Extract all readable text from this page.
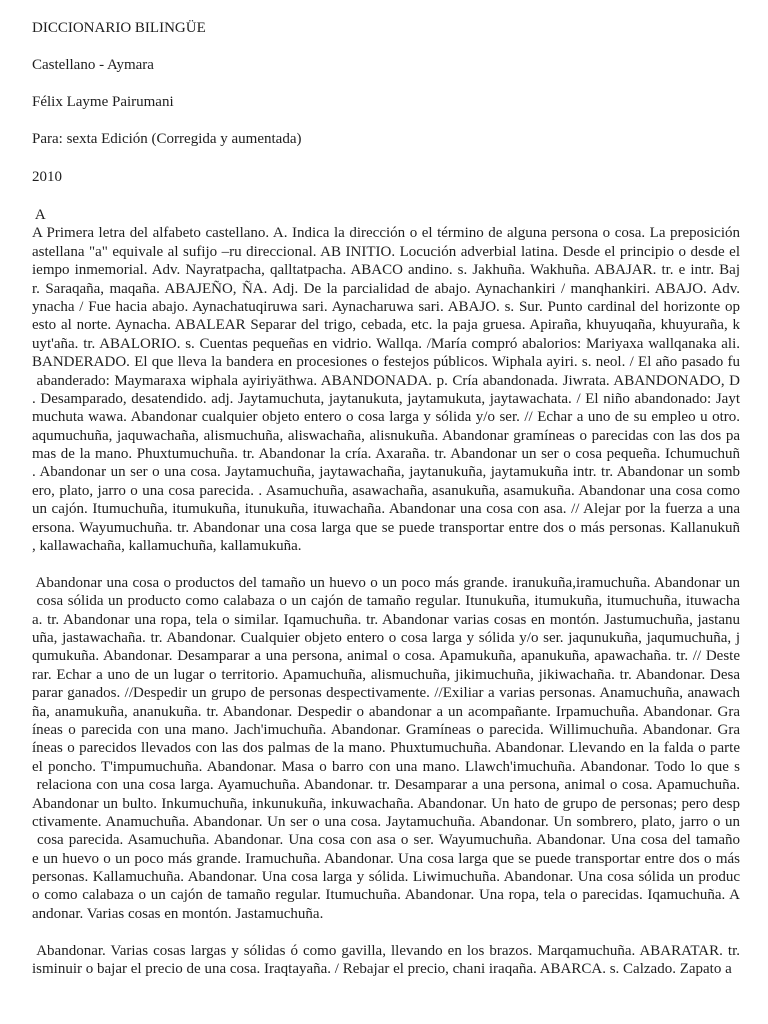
DICCIONARIO BILINGÜE
Castellano - Aymara
Félix Layme Pairumani
Para: sexta Edición (Corregida y aumentada)
2010
A
A Primera letra del alfabeto castellano. A. Indica la dirección o el término de alguna persona o cosa. La preposición
astellana "a" equivale al sufijo –ru direccional. AB INITIO. Locución adverbial latina. Desde el principio o desde el
iempo inmemorial. Adv. Nayratpacha, qalltatpacha. ABACO andino. s. Jakhuña. Wakhuña. ABAJAR. tr. e intr. Baj
r. Saraqaña, maqaña. ABAJEÑO, ÑA. Adj. De la parcialidad de abajo. Aynachankiri / manqhankiri. ABAJO. Adv.
ynacha / Fue hacia abajo. Aynachatuqiruwa sari. Aynacharuwa sari. ABAJO. s. Sur. Punto cardinal del horizonte op
esto al norte. Aynacha. ABALEAR Separar del trigo, cebada, etc. la paja gruesa. Apiraña, khuyuqaña, khuyuraña, k
uyt'aña. tr. ABALORIO. s. Cuentas pequeñas en vidrio. Wallqa. /María compró abalorios: Mariyaxa wallqanaka ali.
BANDERADO. El que lleva la bandera en procesiones o festejos públicos. Wiphala ayiri. s. neol. / El año pasado fu
abanderado: Maymaraxa wiphala ayiriyäthwa. ABANDONADA. p. Cría abandonada. Jiwrata. ABANDONADO, D
. Desamparado, desatendido. adj. Jaytamuchuta, jaytanukuta, jaytamukuta, jaytawachata. / El niño abandonado: Jayt
muchuta wawa. Abandonar cualquier objeto entero o cosa larga y sólida y/o ser. // Echar a uno de su empleo u otro.
aqumuchuña, jaquwachaña, alismuchuña, aliswachaña, alisnukuña. Abandonar gramíneas o parecidas con las dos pa
mas de la mano. Phuxtumuchuña. tr. Abandonar la cría. Axaraña. tr. Abandonar un ser o cosa pequeña. Ichumuchuñ
. Abandonar un ser o una cosa. Jaytamuchuña, jaytawachaña, jaytanukuña, jaytamukuña intr. tr. Abandonar un somb
ero, plato, jarro o una cosa parecida. . Asamuchuña, asawachaña, asanukuña, asamukuña. Abandonar una cosa como
un cajón. Itumuchuña, itumukuña, itunukuña, ituwachaña. Abandonar una cosa con asa. // Alejar por la fuerza a una
ersona. Wayumuchuña. tr. Abandonar una cosa larga que se puede transportar entre dos o más personas. Kallanukuñ
, kallawachaña, kallamuchuña, kallamukuña.
Abandonar una cosa o productos del tamaño un huevo o un poco más grande. iranukuña,iramuchuña. Abandonar un
cosa sólida un producto como calabaza o un cajón de tamaño regular. Itunukuña, itumukuña, itumuchuña, ituwacha
a. tr. Abandonar una ropa, tela o similar. Iqamuchuña. tr. Abandonar varias cosas en montón. Jastumuchuña, jastanu
uña, jastawachaña. tr. Abandonar. Cualquier objeto entero o cosa larga y sólida y/o ser. jaqunukuña, jaqumuchuña, j
qumukuña. Abandonar. Desamparar a una persona, animal o cosa. Apamukuña, apanukuña, apawachaña. tr. // Deste
rar. Echar a uno de un lugar o territorio. Apamuchuña, alismuchuña, jikimuchuña, jikiwachaña. tr. Abandonar. Desa
parar ganados. //Despedir un grupo de personas despectivamente. //Exiliar a varias personas. Anamuchuña, anawach
ña, anamukuña, ananukuña. tr. Abandonar. Despedir o abandonar a un acompañante. Irpamuchuña. Abandonar. Gra
íneas o parecida con una mano. Jach'imuchuña. Abandonar. Gramíneas o parecida. Willimuchuña. Abandonar. Gra
íneas o parecidos llevados con las dos palmas de la mano. Phuxtumuchuña. Abandonar. Llevando en la falda o parte
el poncho. T'impumuchuña. Abandonar. Masa o barro con una mano. Llawch'imuchuña. Abandonar. Todo lo que s
relaciona con una cosa larga. Ayamuchuña. Abandonar. tr. Desamparar a una persona, animal o cosa. Apamuchuña.
Abandonar un bulto. Inkumuchuña, inkunukuña, inkuwachaña. Abandonar. Un hato de grupo de personas; pero desp
ctivamente. Anamuchuña. Abandonar. Un ser o una cosa. Jaytamuchuña. Abandonar. Un sombrero, plato, jarro o un
cosa parecida. Asamuchuña. Abandonar. Una cosa con asa o ser. Wayumuchuña. Abandonar. Una cosa del tamaño
e un huevo o un poco más grande. Iramuchuña. Abandonar. Una cosa larga que se puede transportar entre dos o más
personas. Kallamuchuña. Abandonar. Una cosa larga y sólida. Liwimuchuña. Abandonar. Una cosa sólida un produc
o como calabaza o un cajón de tamaño regular. Itumuchuña. Abandonar. Una ropa, tela o parecidas. Iqamuchuña. A
andonar. Varias cosas en montón. Jastamuchuña.
Abandonar. Varias cosas largas y sólidas ó como gavilla, llevando en los brazos. Marqamuchuña. ABARATAR. tr.
isminuir o bajar el precio de una cosa. Iraqtayaña. / Rebajar el precio, chani iraqaña. ABARCA. s. Calzado. Zapato a
